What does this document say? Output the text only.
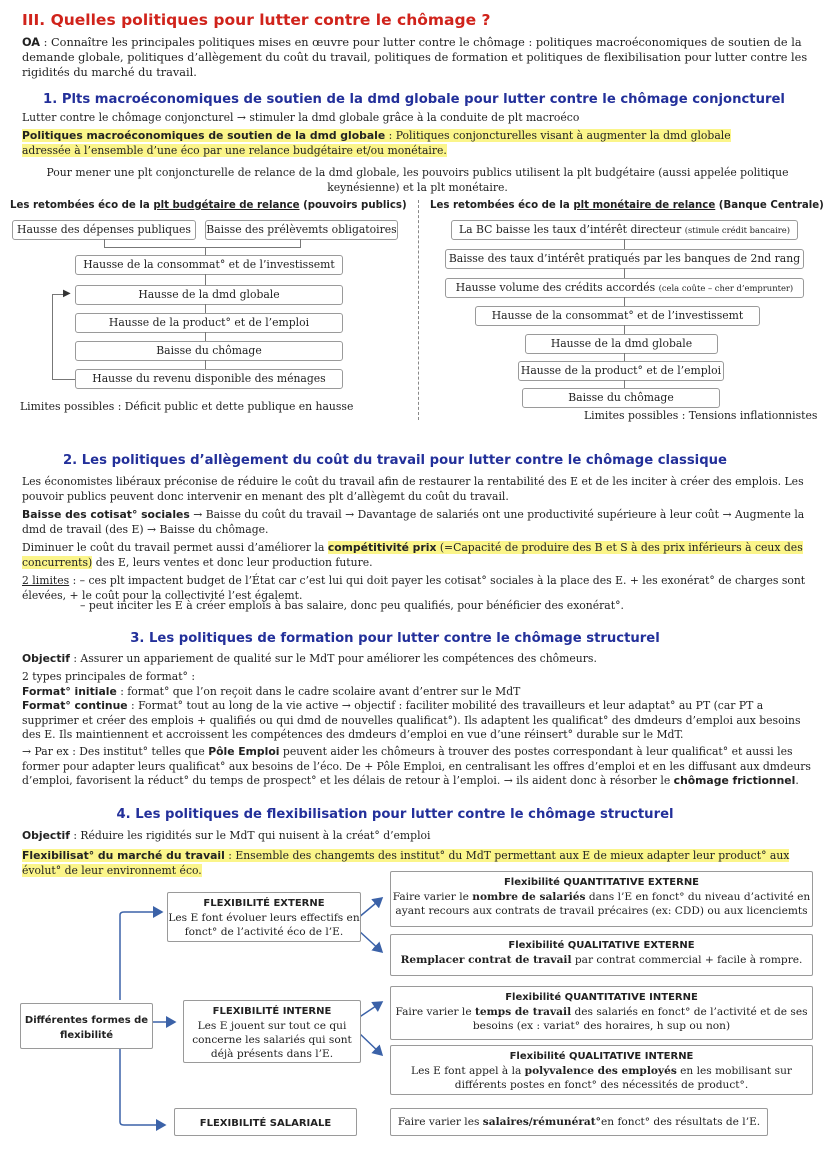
III. Quelles politiques pour lutter contre le chômage ?
OA : Connaître les principales politiques mises en œuvre pour lutter contre le chômage : politiques macroéconomiques de soutien de la demande globale, politiques d’allègement du coût du travail, politiques de formation et politiques de flexibilisation pour lutter contre les rigidités du marché du travail.
1. Plts macroéconomiques de soutien de la dmd globale pour lutter contre le chômage conjoncturel
Lutter contre le chômage conjoncturel → stimuler la dmd globale grâce à la conduite de plt macroéco
Politiques macroéconomiques de soutien de la dmd globale : Politiques conjoncturelles visant à augmenter la dmd globale adressée à l’ensemble d’une éco par une relance budgétaire et/ou monétaire.
Pour mener une plt conjoncturelle de relance de la dmd globale, les pouvoirs publics utilisent la plt budgétaire (aussi appelée politique keynésienne) et la plt monétaire.
Les retombées éco de la plt budgétaire de relance (pouvoirs publics) Les retombées éco de la plt monétaire de relance (Banque Centrale)
Hausse des dépenses publiques	Baisse des prélèvemts obligatoires
Hausse de la consommat° et de l’investissemt
Hausse de la dmd globale
Hausse de la product° et de l’emploi
Baisse du chômage
Hausse du revenu disponible des ménages
▶
Limites possibles : Déficit public et dette publique en hausse
La BC baisse les taux d’intérêt directeur (stimule crédit bancaire)
Baisse des taux d’intérêt pratiqués par les banques de 2nd rang
Hausse volume des crédits accordés (cela coûte – cher d’emprunter)
Hausse de la consommat° et de l’investissemt
Hausse de la dmd globale
Hausse de la product° et de l’emploi
Baisse du chômage
Limites possibles : Tensions inflationnistes
2. Les politiques d’allègement du coût du travail pour lutter contre le chômage classique
Les économistes libéraux préconise de réduire le coût du travail afin de restaurer la rentabilité des E et de les inciter à créer des emplois. Les pouvoir publics peuvent donc intervenir en menant des plt d’allègemt du coût du travail.
Baisse des cotisat° sociales → Baisse du coût du travail → Davantage de salariés ont une productivité supérieure à leur coût → Augmente la dmd de travail (des E) → Baisse du chômage.
Diminuer le coût du travail permet aussi d’améliorer la compétitivité prix (=Capacité de produire des B et S à des prix inférieurs à ceux des concurrents) des E, leurs ventes et donc leur production future.
2 limites : – ces plt impactent budget de l’État car c’est lui qui doit payer les cotisat° sociales à la place des E. + les exonérat° de charges sont élevées, + le coût pour la collectivité l’est égalemt.
– peut inciter les E à créer emplois à bas salaire, donc peu qualifiés, pour bénéficier des exonérat°.
3. Les politiques de formation pour lutter contre le chômage structurel
Objectif : Assurer un appariement de qualité sur le MdT pour améliorer les compétences des chômeurs.
2 types principales de format° :
Format° initiale : format° que l’on reçoit dans le cadre scolaire avant d’entrer sur le MdT
Format° continue : Format° tout au long de la vie active → objectif : faciliter mobilité des travailleurs et leur adaptat° au PT (car PT a supprimer et créer des emplois + qualifiés ou qui dmd de nouvelles qualificat°). Ils adaptent les qualificat° des dmdeurs d’emploi aux besoins des E. Ils maintiennent et accroissent les compétences des dmdeurs d’emploi en vue d’une réinsert° durable sur le MdT.
→ Par ex : Des institut° telles que Pôle Emploi peuvent aider les chômeurs à trouver des postes correspondant à leur qualificat° et aussi les former pour adapter leurs qualificat° aux besoins de l’éco. De + Pôle Emploi, en centralisant les offres d’emploi et en les diffusant aux dmdeurs d’emploi, favorisent la réduct° du temps de prospect° et les délais de retour à l’emploi. → ils aident donc à résorber le chômage frictionnel.
4. Les politiques de flexibilisation pour lutter contre le chômage structurel
Objectif : Réduire les rigidités sur le MdT qui nuisent à la créat° d’emploi
Flexibilisat° du marché du travail : Ensemble des changemts des institut° du MdT permettant aux E de mieux adapter leur product° aux évolut° de leur environnemt éco.
Différentes formes de flexibilité
FLEXIBILITÉ EXTERNE
Les E font évoluer leurs effectifs en fonct° de l’activité éco de l’E.
FLEXIBILITÉ INTERNE
Les E jouent sur tout ce qui concerne les salariés qui sont déjà présents dans l’E.
FLEXIBILITÉ SALARIALE
Flexibilité QUANTITATIVE EXTERNE
Faire varier le nombre de salariés dans l’E en fonct° du niveau d’activité en ayant recours aux contrats de travail précaires (ex: CDD) ou aux licenciemts
Flexibilité QUALITATIVE EXTERNE
Remplacer contrat de travail par contrat commercial + facile à rompre.
Flexibilité QUANTITATIVE INTERNE
Faire varier le temps de travail des salariés en fonct° de l’activité et de ses besoins (ex : variat° des horaires, h sup ou non)
Flexibilité QUALITATIVE INTERNE
Les E font appel à la polyvalence des employés en les mobilisant sur différents postes en fonct° des nécessités de product°.
Faire varier les salaires/rémunérat°en fonct° des résultats de l’E.
